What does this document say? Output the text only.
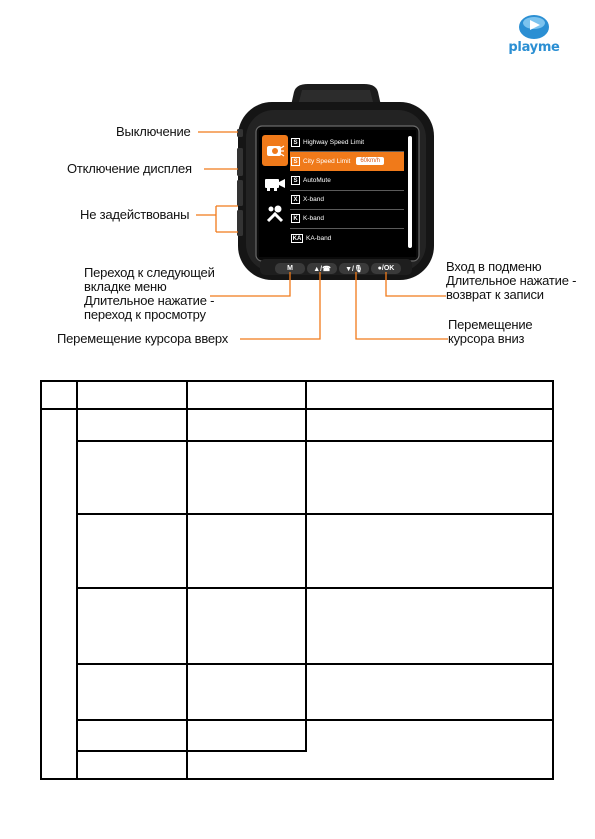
playme
S Highway Speed Limit
S City Speed Limit	60km/h
S AutoMute
X X-band
K K-band
KA KA-band
M	▲/☎	▼/🎙	●/OK
Выключение
Отключение дисплея
Не задействованы
Переход к следующей
вкладке меню
Длительное нажатие -
переход к просмотру
Перемещение курсора вверх
Вход в подменю
Длительное нажатие -
возврат к записи
Перемещение
курсора вниз
